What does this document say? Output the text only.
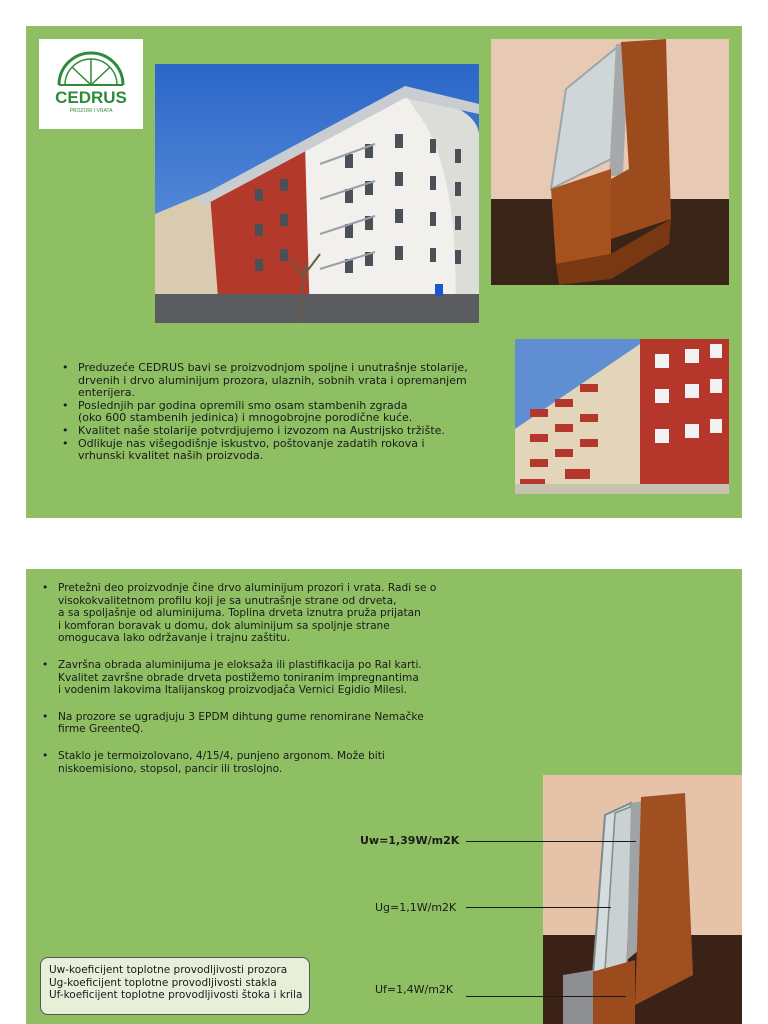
CEDRUS
PROZORI I VRATA
• Preduzeće CEDRUS bavi se proizvodnjom spoljne i unutrašnje stolarije,
drvenih i drvo aluminijum prozora, ulaznih, sobnih vrata i opremanjem
enterijera.
• Poslednjih par godina opremili smo osam stambenih zgrada
(oko 600 stambenih jedinica) i mnogobrojne porodične kuće.
• Kvalitet naše stolarije potvrdjujemo i izvozom na Austrijsko tržište.
• Odlikuje nas višegodišnje iskustvo, poštovanje zadatih rokova i
vrhunski kvalitet naših proizvoda.
• Pretežni deo proizvodnje čine drvo aluminijum prozori i vrata. Radi se o
visokokvalitetnom profilu koji je sa unutrašnje strane od drveta,
a sa spoljašnje od aluminijuma. Toplina drveta iznutra pruža prijatan
i komforan boravak u domu, dok aluminijum sa spoljnje strane
omogucava lako održavanje i trajnu zaštitu.
• Završna obrada aluminijuma je eloksaža ili plastifikacija po Ral karti.
Kvalitet završne obrade drveta postižemo toniranim impregnantima
i vodenim lakovima Italijanskog proizvodjača Vernici Egidio Milesi.
• Na prozore se ugradjuju 3 EPDM dihtung gume renomirane Nemačke
firme GreenteQ.
• Staklo je termoizolovano, 4/15/4, punjeno argonom. Može biti
niskoemisiono, stopsol, pancir ili troslojno.
Uw=1,39W/m2K
Ug=1,1W/m2K
Uf=1,4W/m2K
Uw-koeficijent toplotne provodljivosti prozora
Ug-koeficijent toplotne provodljivosti stakla
Uf-koeficijent toplotne provodljivosti štoka i krila
